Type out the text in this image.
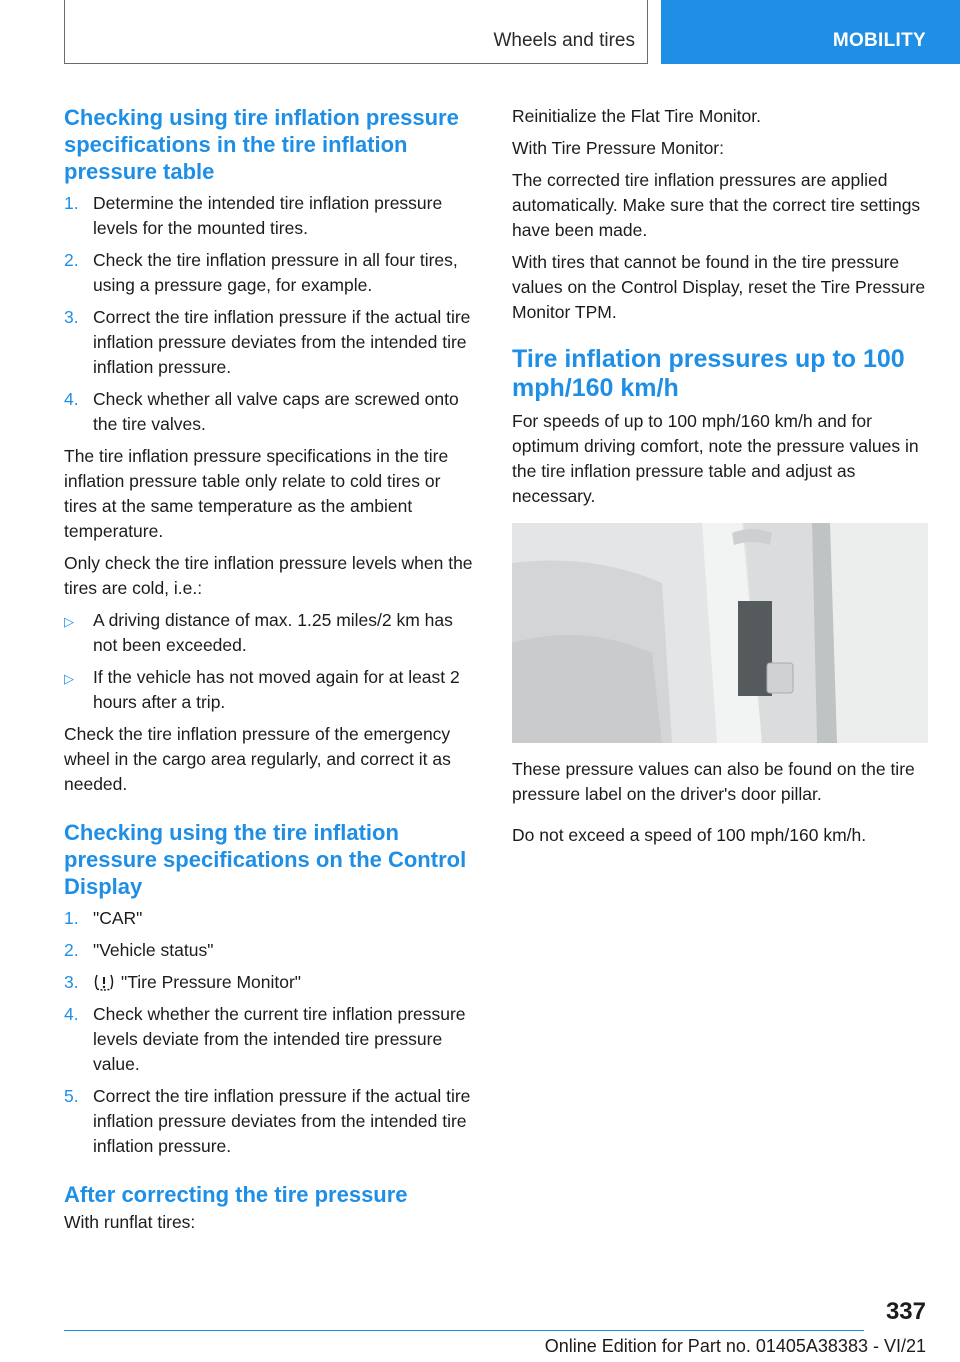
Wheels and tires	MOBILITY
Checking using tire inflation pressure specifications in the tire inflation pressure table
1. Determine the intended tire inflation pressure levels for the mounted tires.
2. Check the tire inflation pressure in all four tires, using a pressure gage, for example.
3. Correct the tire inflation pressure if the actual tire inflation pressure deviates from the intended tire inflation pressure.
4. Check whether all valve caps are screwed onto the tire valves.

The tire inflation pressure specifications in the tire inflation pressure table only relate to cold tires or tires at the same temperature as the ambient temperature.

Only check the tire inflation pressure levels when the tires are cold, i.e.:

▷ A driving distance of max. 1.25 miles/2 km has not been exceeded.
▷ If the vehicle has not moved again for at least 2 hours after a trip.

Check the tire inflation pressure of the emergency wheel in the cargo area regularly, and correct it as needed.

Checking using the tire inflation pressure specifications on the Control Display
1. "CAR"
2. "Vehicle status"
3. "Tire Pressure Monitor"
4. Check whether the current tire inflation pressure levels deviate from the intended tire pressure value.
5. Correct the tire inflation pressure if the actual tire inflation pressure deviates from the intended tire inflation pressure.
After correcting the tire pressure

With runflat tires:

Reinitialize the Flat Tire Monitor.

With Tire Pressure Monitor:

The corrected tire inflation pressures are applied automatically. Make sure that the correct tire settings have been made.

With tires that cannot be found in the tire pressure values on the Control Display, reset the Tire Pressure Monitor TPM.

Tire inflation pressures up to 100 mph/160 km/h

For speeds of up to 100 mph/160 km/h and for optimum driving comfort, note the pressure values in the tire inflation pressure table and adjust as necessary.

These pressure values can also be found on the tire pressure label on the driver's door pillar.

Do not exceed a speed of 100 mph/160 km/h.

337
Online Edition for Part no. 01405A38383 - VI/21
